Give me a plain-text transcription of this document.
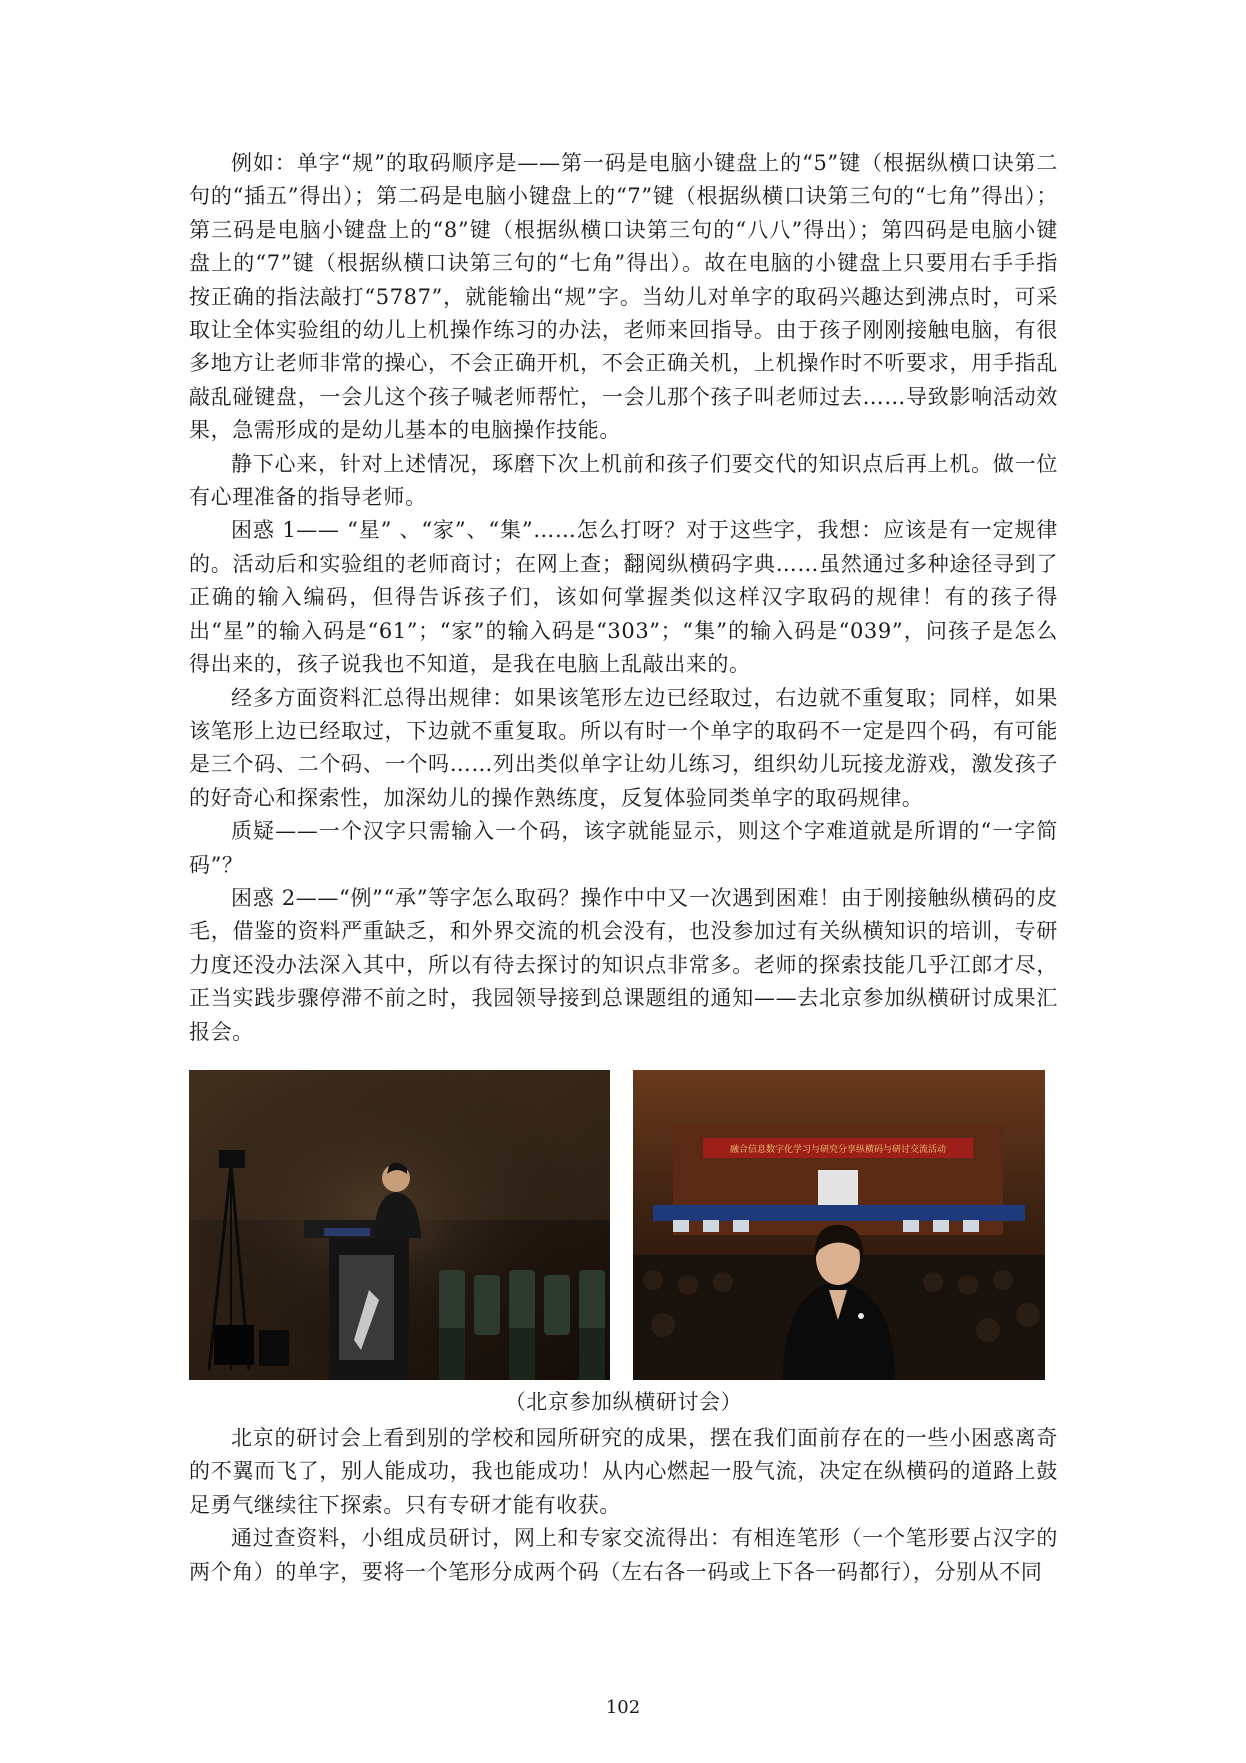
例如：单字“规”的取码顺序是——第一码是电脑小键盘上的“5”键（根据纵横口诀第二句的“插五”得出）；第二码是电脑小键盘上的“7”键（根据纵横口诀第三句的“七角”得出）；第三码是电脑小键盘上的“8”键（根据纵横口诀第三句的“八八”得出）；第四码是电脑小键盘上的“7”键（根据纵横口诀第三句的“七角”得出）。故在电脑的小键盘上只要用右手手指按正确的指法敲打“5787”，就能输出“规”字。当幼儿对单字的取码兴趣达到沸点时，可采取让全体实验组的幼儿上机操作练习的办法，老师来回指导。由于孩子刚刚接触电脑，有很多地方让老师非常的操心，不会正确开机，不会正确关机，上机操作时不听要求，用手指乱敲乱碰键盘，一会儿这个孩子喊老师帮忙，一会儿那个孩子叫老师过去……导致影响活动效果，急需形成的是幼儿基本的电脑操作技能。

静下心来，针对上述情况，琢磨下次上机前和孩子们要交代的知识点后再上机。做一位有心理准备的指导老师。

困惑 1—— “星” 、“家”、“集”……怎么打呀？对于这些字，我想：应该是有一定规律的。活动后和实验组的老师商讨；在网上查；翻阅纵横码字典……虽然通过多种途径寻到了正确的输入编码，但得告诉孩子们，该如何掌握类似这样汉字取码的规律！有的孩子得出“星”的输入码是“61”；“家”的输入码是“303”；“集”的输入码是“039”，问孩子是怎么得出来的，孩子说我也不知道，是我在电脑上乱敲出来的。

经多方面资料汇总得出规律：如果该笔形左边已经取过，右边就不重复取；同样，如果该笔形上边已经取过，下边就不重复取。所以有时一个单字的取码不一定是四个码，有可能是三个码、二个码、一个吗……列出类似单字让幼儿练习，组织幼儿玩接龙游戏，激发孩子的好奇心和探索性，加深幼儿的操作熟练度，反复体验同类单字的取码规律。

质疑——一个汉字只需输入一个码，该字就能显示，则这个字难道就是所谓的“一字简码”？

困惑 2——“例”“承”等字怎么取码？操作中中又一次遇到困难！由于刚接触纵横码的皮毛，借鉴的资料严重缺乏，和外界交流的机会没有，也没参加过有关纵横知识的培训，专研力度还没办法深入其中，所以有待去探讨的知识点非常多。老师的探索技能几乎江郎才尽，正当实践步骤停滞不前之时，我园领导接到总课题组的通知——去北京参加纵横研讨成果汇报会。

融合信息数字化学习与研究分享纵横码与研讨交流活动
（北京参加纵横研讨会）

北京的研讨会上看到别的学校和园所研究的成果，摆在我们面前存在的一些小困惑离奇的不翼而飞了，别人能成功，我也能成功！从内心燃起一股气流，决定在纵横码的道路上鼓足勇气继续往下探索。只有专研才能有收获。

通过查资料，小组成员研讨，网上和专家交流得出：有相连笔形（一个笔形要占汉字的两个角）的单字，要将一个笔形分成两个码（左右各一码或上下各一码都行），分别从不同

102
